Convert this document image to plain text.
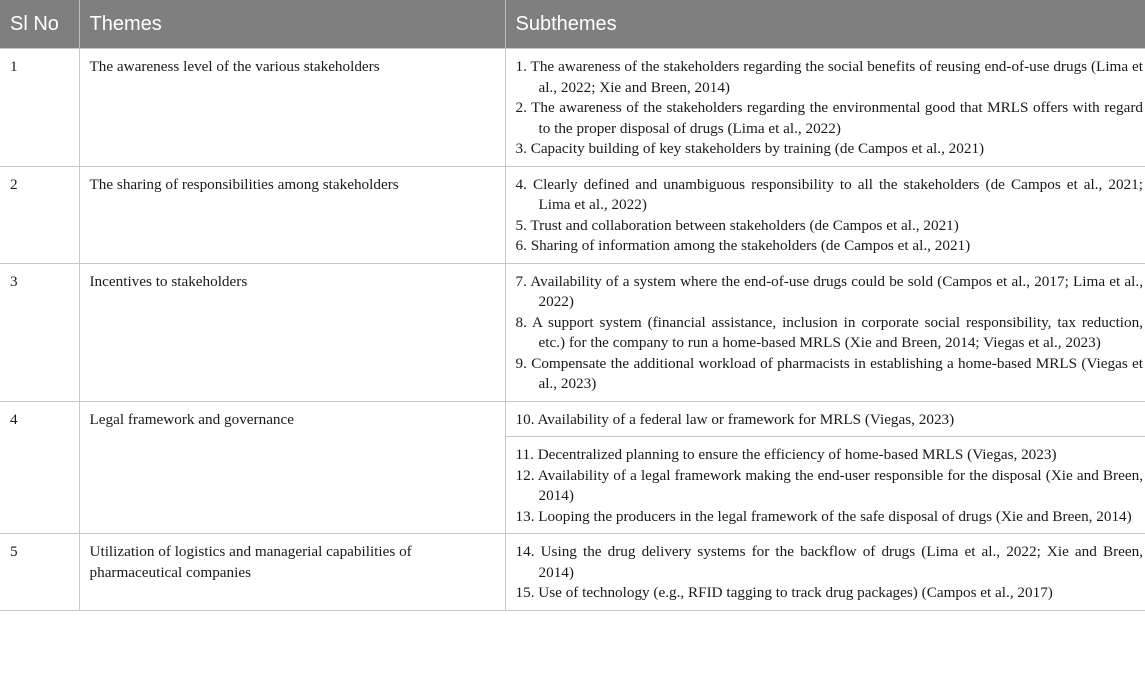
Sl No	Themes	Subthemes
1	The awareness level of the various stakeholders	1. The awareness of the stakeholders regarding the social benefits of reusing end-of-use drugs (Lima et al., 2022; Xie and Breen, 2014)
2. The awareness of the stakeholders regarding the environmental good that MRLS offers with regard to the proper disposal of drugs (Lima et al., 2022)
3. Capacity building of key stakeholders by training (de Campos et al., 2021)

2	The sharing of responsibilities among stakeholders	4. Clearly defined and unambiguous responsibility to all the stakeholders (de Campos et al., 2021; Lima et al., 2022)
5. Trust and collaboration between stakeholders (de Campos et al., 2021)
6. Sharing of information among the stakeholders (de Campos et al., 2021)

3	Incentives to stakeholders	7. Availability of a system where the end-of-use drugs could be sold (Campos et al., 2017; Lima et al., 2022)
8. A support system (financial assistance, inclusion in corporate social responsibility, tax reduction, etc.) for the company to run a home-based MRLS (Xie and Breen, 2014; Viegas et al., 2023)
9. Compensate the additional workload of pharmacists in establishing a home-based MRLS (Viegas et al., 2023)

4	Legal framework and governance	10. Availability of a federal law or framework for MRLS (Viegas, 2023)
11. Decentralized planning to ensure the efficiency of home-based MRLS (Viegas, 2023)
12. Availability of a legal framework making the end-user responsible for the disposal (Xie and Breen, 2014)
13. Looping the producers in the legal framework of the safe disposal of drugs (Xie and Breen, 2014)

5	Utilization of logistics and managerial capabilities of pharmaceutical companies	14. Using the drug delivery systems for the backflow of drugs (Lima et al., 2022; Xie and Breen, 2014)
15. Use of technology (e.g., RFID tagging to track drug packages) (Campos et al., 2017)
